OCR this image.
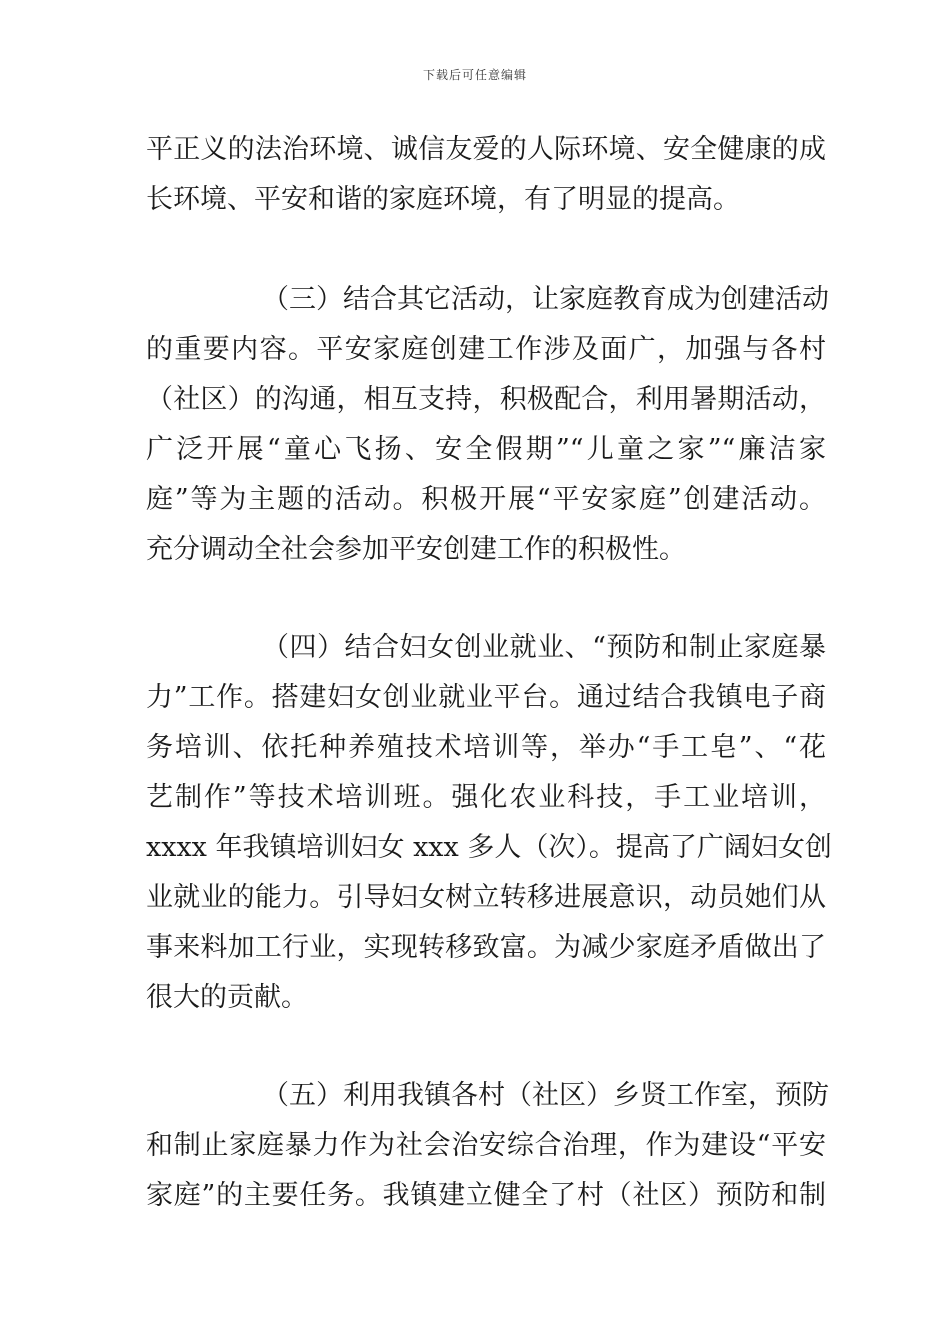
下载后可任意编辑

平正义的法治环境、诚信友爱的人际环境、安全健康的成

长环境、平安和谐的家庭环境，有了明显的提高。

（三）结合其它活动，让家庭教育成为创建活动

的重要内容。平安家庭创建工作涉及面广，加强与各村

（社区）的沟通，相互支持，积极配合，利用暑期活动，

广泛开展“童心飞扬、安全假期”“儿童之家”“廉洁家

庭”等为主题的活动。积极开展“平安家庭”创建活动。

充分调动全社会参加平安创建工作的积极性。

（四）结合妇女创业就业、“预防和制止家庭暴

力”工作。搭建妇女创业就业平台。通过结合我镇电子商

务培训、依托种养殖技术培训等，举办“手工皂”、“花

艺制作”等技术培训班。强化农业科技，手工业培训，

xxxx 年我镇培训妇女 xxx 多人（次）。提高了广阔妇女创

业就业的能力。引导妇女树立转移进展意识，动员她们从

事来料加工行业，实现转移致富。为减少家庭矛盾做出了

很大的贡献。

（五）利用我镇各村（社区）乡贤工作室，预防

和制止家庭暴力作为社会治安综合治理，作为建设“平安

家庭”的主要任务。我镇建立健全了村（社区）预防和制
